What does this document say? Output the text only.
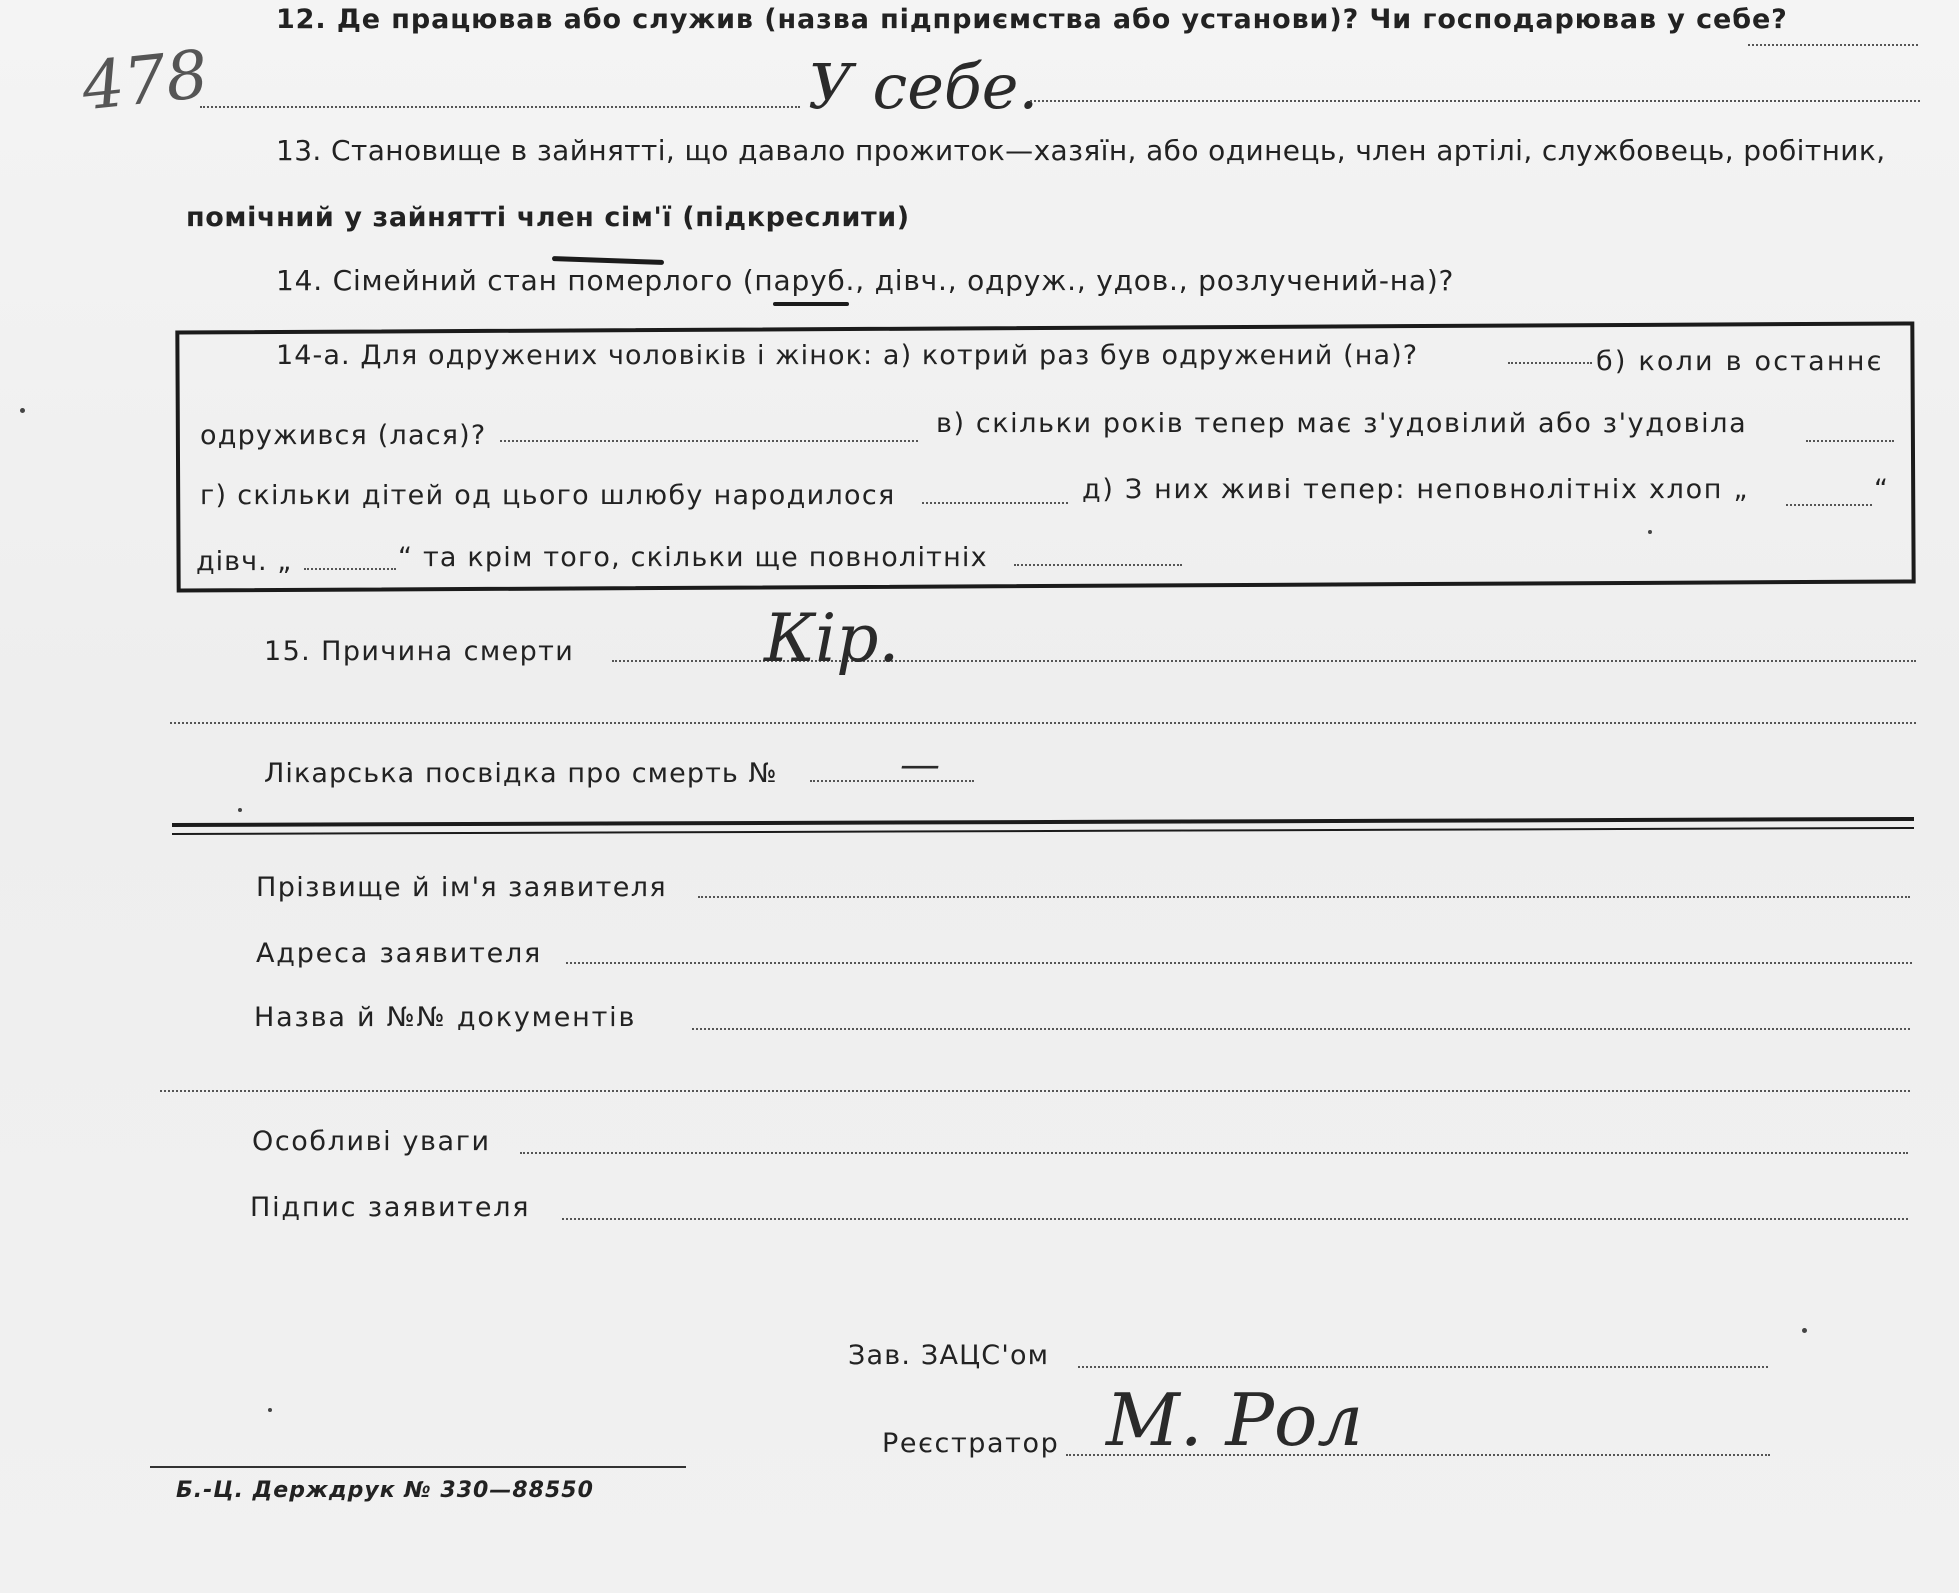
12. Де працював або служив (назва підприємства або установи)? Чи господарював у себе?
478	У себе.
13. Становище в зайнятті, що давало прожиток—хазяїн, або одинець, член артілі, службовець, робітник,
помічний у зайнятті член сім'ї (підкреслити)
14. Сімейний стан померлого (паруб., дівч., одруж., удов., розлучений-на)?
14-а. Для одружених чоловіків і жінок: а) котрий раз був одружений (на)?	б) коли в останнє
одружився (лася)?	в) скільки років тепер має з'удовілий або з'удовіла
г) скільки дітей од цього шлюбу народилося	д) З них живі тепер: неповнолітніх хлоп „	“
дівч. „	“ та крім того, скільки ще повнолітніх
15. Причина смерти	Кір.
Лікарська посвідка про смерть №	—
Прізвище й ім'я заявителя
Адреса заявителя
Назва й №№ документів
Особливі уваги
Підпис заявителя
Зав. ЗАЦС'ом
Реєстратор М. Рол
Б.-Ц. Держдрук № 330—88550
